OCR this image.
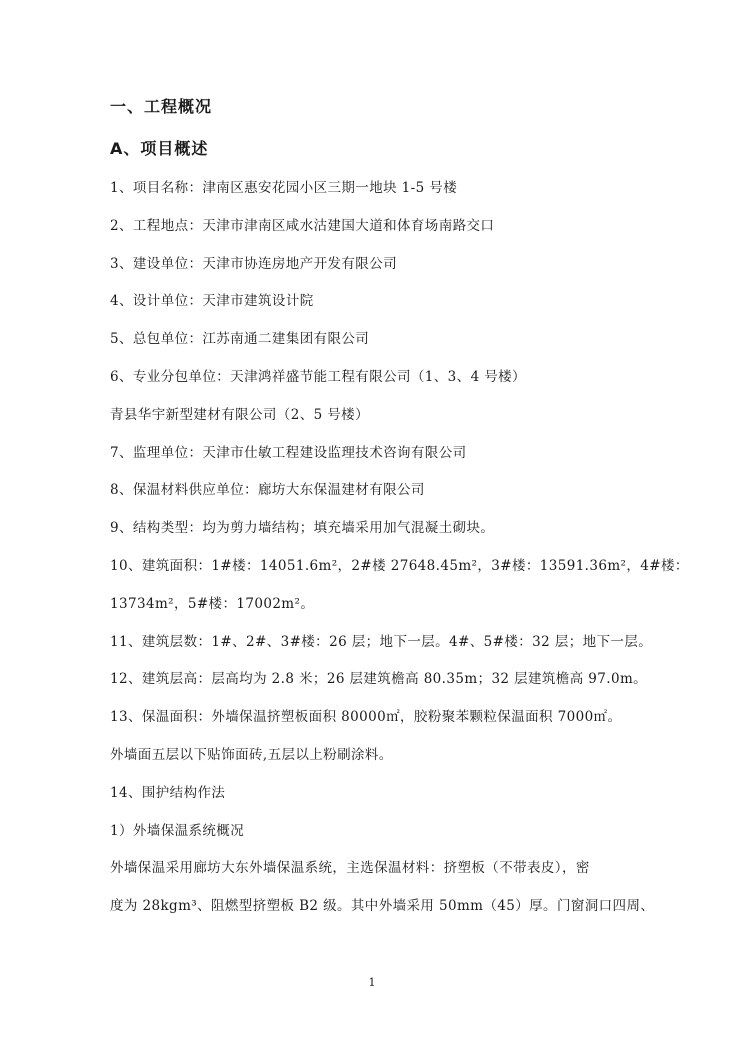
一、工程概况
A、项目概述
1、项目名称：津南区惠安花园小区三期一地块 1-5 号楼
2、工程地点：天津市津南区咸水沽建国大道和体育场南路交口
3、建设单位：天津市协连房地产开发有限公司
4、设计单位：天津市建筑设计院
5、总包单位：江苏南通二建集团有限公司
6、专业分包单位：天津鸿祥盛节能工程有限公司（1、3、4 号楼）
青县华宇新型建材有限公司（2、5 号楼）
7、监理单位：天津市仕敏工程建设监理技术咨询有限公司
8、保温材料供应单位：廊坊大东保温建材有限公司
9、结构类型：均为剪力墙结构；填充墙采用加气混凝土砌块。
10、建筑面积：1#楼：14051.6m²，2#楼 27648.45m²，3#楼：13591.36m²，4#楼：
13734m²，5#楼：17002m²。
11、建筑层数：1#、2#、3#楼：26 层；地下一层。4#、5#楼：32 层；地下一层。
12、建筑层高：层高均为 2.8 米；26 层建筑檐高 80.35m；32 层建筑檐高 97.0m。
13、保温面积：外墙保温挤塑板面积 80000㎡，胶粉聚苯颗粒保温面积 7000㎡。
外墙面五层以下贴饰面砖,五层以上粉刷涂料。
14、围护结构作法
1）外墙保温系统概况
外墙保温采用廊坊大东外墙保温系统，主选保温材料：挤塑板（不带表皮），密
度为 28kgm³、阻燃型挤塑板 B2 级。其中外墙采用 50mm（45）厚。门窗洞口四周、
1
